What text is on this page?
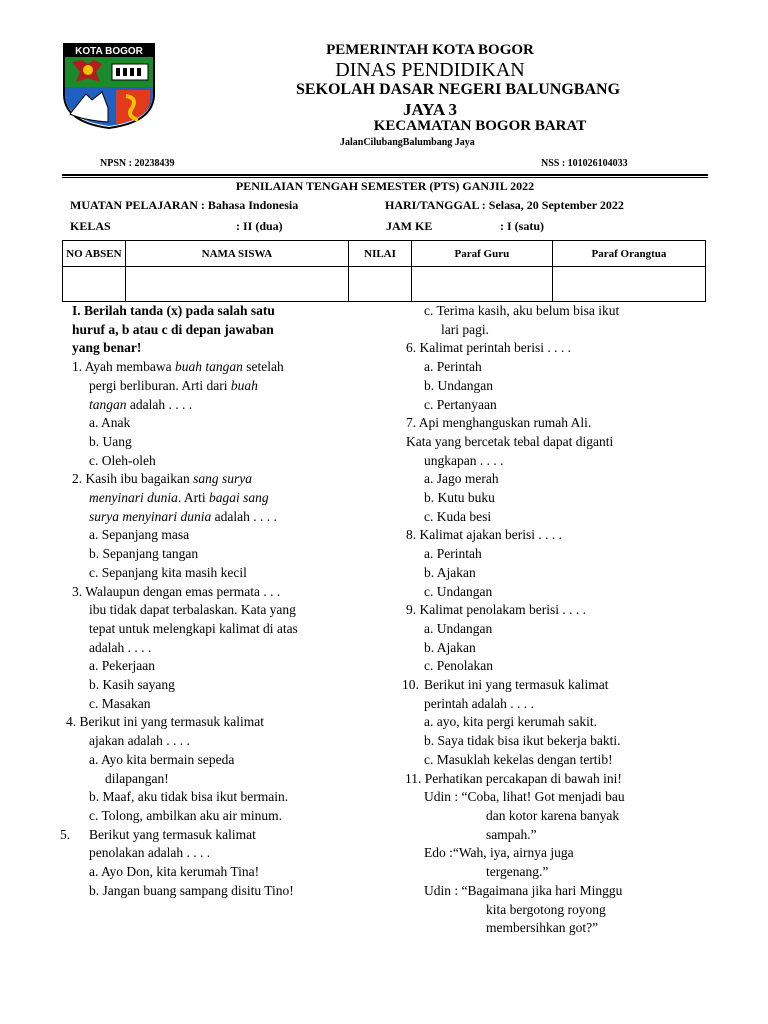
KOTA BOGOR	PEMERINTAH KOTA BOGOR
DINAS PENDIDIKAN
SEKOLAH DASAR NEGERI BALUNGBANG
JAYA 3
KECAMATAN BOGOR BARAT
JalanCilubangBalumbang Jaya
NPSN : 20238439	NSS : 101026104033
PENILAIAN TENGAH SEMESTER (PTS) GANJIL 2022
MUATAN PELAJARAN : Bahasa Indonesia	HARI/TANGGAL : Selasa, 20 September 2022
KELAS	: II (dua)	JAM KE	: I (satu)
NO ABSEN	NAMA SISWA	NILAI	Paraf Guru	Paraf Orangtua

I. Berilah tanda (x) pada salah satu

huruf a, b atau c di depan jawaban

yang benar!

1. Ayah membawa buah tangan setelah

pergi berliburan. Arti dari buah

tangan adalah . . . .

a. Anak

b. Uang

c. Oleh-oleh

2. Kasih ibu bagaikan sang surya

menyinari dunia. Arti bagai sang

surya menyinari dunia adalah . . . .

a. Sepanjang masa

b. Sepanjang tangan

c. Sepanjang kita masih kecil

3. Walaupun dengan emas permata . . .

ibu tidak dapat terbalaskan. Kata yang

tepat untuk melengkapi kalimat di atas

adalah . . . .

a. Pekerjaan

b. Kasih sayang

c. Masakan

4. Berikut ini yang termasuk kalimat

ajakan adalah . . . .

a. Ayo kita bermain sepeda

dilapangan!

b. Maaf, aku tidak bisa ikut bermain.

c. Tolong, ambilkan aku air minum.

5. Berikut yang termasuk kalimat

penolakan adalah . . . .

a. Ayo Don, kita kerumah Tina!

b. Jangan buang sampang disitu Tino!

c. Terima kasih, aku belum bisa ikut

lari pagi.

6. Kalimat perintah berisi . . . .

a. Perintah

b. Undangan

c. Pertanyaan

7. Api menghanguskan rumah Ali.

Kata yang bercetak tebal dapat diganti

ungkapan . . . .

a. Jago merah

b. Kutu buku

c. Kuda besi

8. Kalimat ajakan berisi . . . .

a. Perintah

b. Ajakan

c. Undangan

9. Kalimat penolakam berisi . . . .

a. Undangan

b. Ajakan

c. Penolakan

10. Berikut ini yang termasuk kalimat

perintah adalah . . . .

a. ayo, kita pergi kerumah sakit.

b. Saya tidak bisa ikut bekerja bakti.

c. Masuklah kekelas dengan tertib!

11. Perhatikan percakapan di bawah ini!

Udin : “Coba, lihat! Got menjadi bau

dan kotor karena banyak

sampah.”

Edo :“Wah, iya, airnya juga

tergenang.”

Udin : “Bagaimana jika hari Minggu

kita bergotong royong

membersihkan got?”
